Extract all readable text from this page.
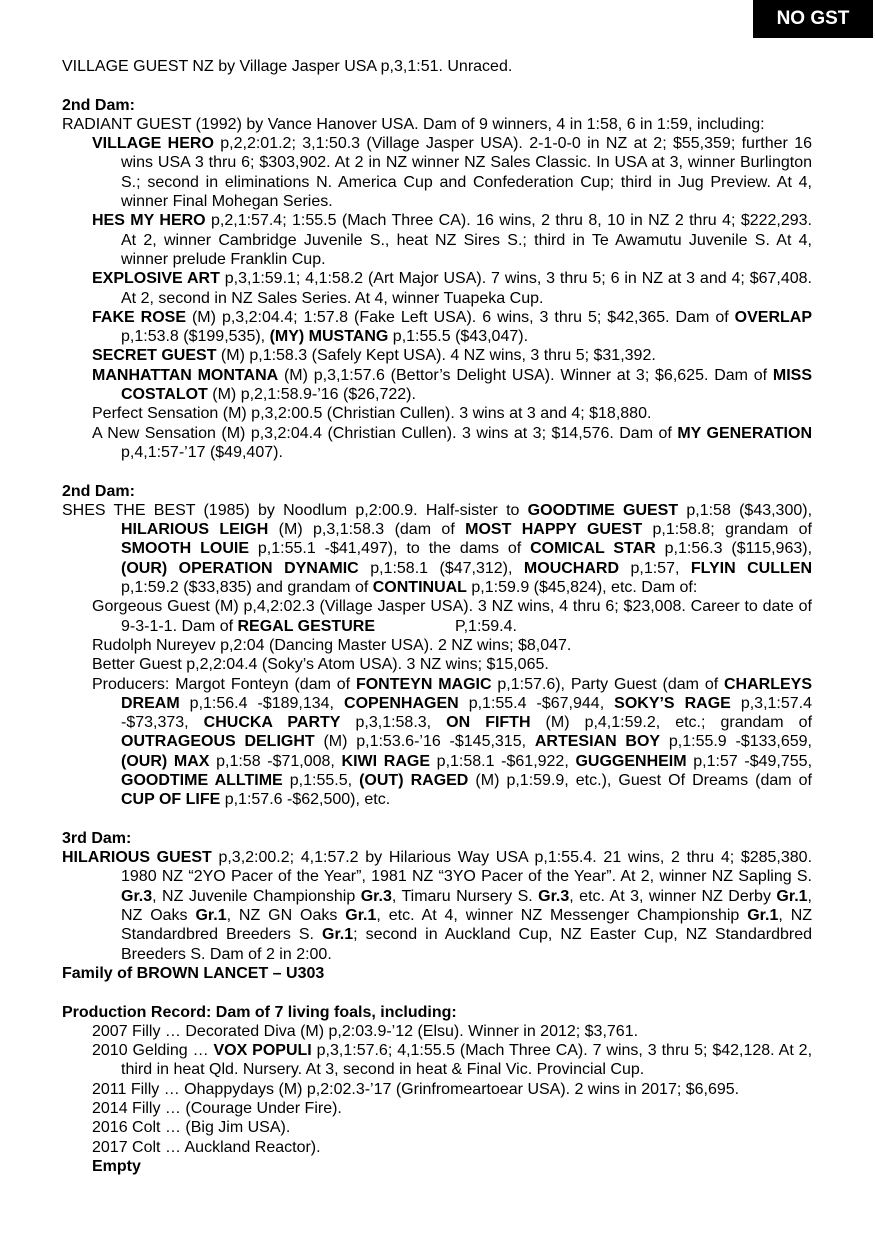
NO GST

VILLAGE GUEST NZ by Village Jasper USA p,3,1:51. Unraced.

2nd Dam:

RADIANT GUEST (1992) by Vance Hanover USA. Dam of 9 winners, 4 in 1:58, 6 in 1:59, including:

VILLAGE HERO p,2,2:01.2; 3,1:50.3 (Village Jasper USA). 2-1-0-0 in NZ at 2; $55,359; further 16 wins USA 3 thru 6; $303,902. At 2 in NZ winner NZ Sales Classic. In USA at 3, winner Burlington S.; second in eliminations N. America Cup and Confederation Cup; third in Jug Preview. At 4, winner Final Mohegan Series.

HES MY HERO p,2,1:57.4; 1:55.5 (Mach Three CA). 16 wins, 2 thru 8, 10 in NZ 2 thru 4; $222,293. At 2, winner Cambridge Juvenile S., heat NZ Sires S.; third in Te Awamutu Juvenile S. At 4, winner prelude Franklin Cup.

EXPLOSIVE ART p,3,1:59.1; 4,1:58.2 (Art Major USA). 7 wins, 3 thru 5; 6 in NZ at 3 and 4; $67,408. At 2, second in NZ Sales Series. At 4, winner Tuapeka Cup.

FAKE ROSE (M) p,3,2:04.4; 1:57.8 (Fake Left USA). 6 wins, 3 thru 5; $42,365. Dam of OVERLAP p,1:53.8 ($199,535), (MY) MUSTANG p,1:55.5 ($43,047).

SECRET GUEST (M) p,1:58.3 (Safely Kept USA). 4 NZ wins, 3 thru 5; $31,392.

MANHATTAN MONTANA (M) p,3,1:57.6 (Bettor’s Delight USA). Winner at 3; $6,625. Dam of MISS COSTALOT (M) p,2,1:58.9-’16 ($26,722).

Perfect Sensation (M) p,3,2:00.5 (Christian Cullen). 3 wins at 3 and 4; $18,880.

A New Sensation (M) p,3,2:04.4 (Christian Cullen). 3 wins at 3; $14,576. Dam of MY GENERATION p,4,1:57-’17 ($49,407).

2nd Dam:

SHES THE BEST (1985) by Noodlum p,2:00.9. Half-sister to GOODTIME GUEST p,1:58 ($43,300), HILARIOUS LEIGH (M) p,3,1:58.3 (dam of MOST HAPPY GUEST p,1:58.8; grandam of SMOOTH LOUIE p,1:55.1 -$41,497), to the dams of COMICAL STAR p,1:56.3 ($115,963), (OUR) OPERATION DYNAMIC p,1:58.1 ($47,312), MOUCHARD p,1:57, FLYIN CULLEN p,1:59.2 ($33,835) and grandam of CONTINUAL p,1:59.9 ($45,824), etc. Dam of:

Gorgeous Guest (M) p,4,2:02.3 (Village Jasper USA). 3 NZ wins, 4 thru 6; $23,008. Career to date of 9-3-1-1. Dam of REGAL GESTURE	P,1:59.4.

Rudolph Nureyev p,2:04 (Dancing Master USA). 2 NZ wins; $8,047.

Better Guest p,2,2:04.4 (Soky’s Atom USA). 3 NZ wins; $15,065.

Producers: Margot Fonteyn (dam of FONTEYN MAGIC p,1:57.6), Party Guest (dam of CHARLEYS DREAM p,1:56.4 -$189,134, COPENHAGEN p,1:55.4 -$67,944, SOKY’S RAGE p,3,1:57.4 -$73,373, CHUCKA PARTY p,3,1:58.3, ON FIFTH (M) p,4,1:59.2, etc.; grandam of OUTRAGEOUS DELIGHT (M) p,1:53.6-’16 -$145,315, ARTESIAN BOY p,1:55.9 -$133,659, (OUR) MAX p,1:58 -$71,008, KIWI RAGE p,1:58.1 -$61,922, GUGGENHEIM p,1:57 -$49,755, GOODTIME ALLTIME p,1:55.5, (OUT) RAGED (M) p,1:59.9, etc.), Guest Of Dreams (dam of CUP OF LIFE p,1:57.6 -$62,500), etc.

3rd Dam:

HILARIOUS GUEST p,3,2:00.2; 4,1:57.2 by Hilarious Way USA p,1:55.4. 21 wins, 2 thru 4; $285,380. 1980 NZ “2YO Pacer of the Year”, 1981 NZ “3YO Pacer of the Year”. At 2, winner NZ Sapling S. Gr.3, NZ Juvenile Championship Gr.3, Timaru Nursery S. Gr.3, etc. At 3, winner NZ Derby Gr.1, NZ Oaks Gr.1, NZ GN Oaks Gr.1, etc. At 4, winner NZ Messenger Championship Gr.1, NZ Standardbred Breeders S. Gr.1; second in Auckland Cup, NZ Easter Cup, NZ Standardbred Breeders S. Dam of 2 in 2:00.

Family of BROWN LANCET – U303

Production Record: Dam of 7 living foals, including:

2007 Filly … Decorated Diva (M) p,2:03.9-’12 (Elsu). Winner in 2012; $3,761.

2010 Gelding … VOX POPULI p,3,1:57.6; 4,1:55.5 (Mach Three CA). 7 wins, 3 thru 5; $42,128. At 2, third in heat Qld. Nursery. At 3, second in heat & Final Vic. Provincial Cup.

2011 Filly … Ohappydays (M) p,2:02.3-’17 (Grinfromeartoear USA). 2 wins in 2017; $6,695.

2014 Filly … (Courage Under Fire).

2016 Colt … (Big Jim USA).

2017 Colt … Auckland Reactor).

Empty
